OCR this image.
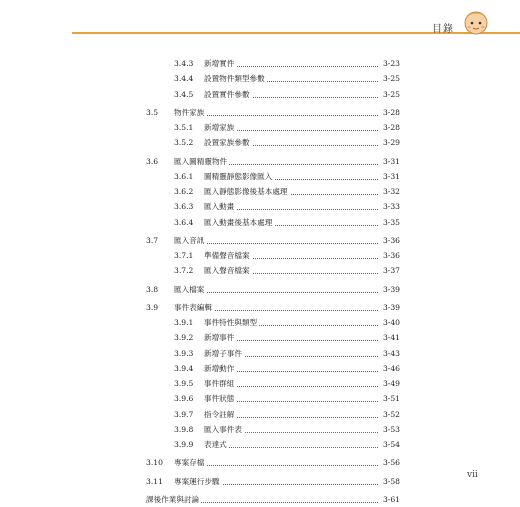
目錄
3.4.3 新增實件	3-23
3.4.4 設置物件類型參數	3-25
3.4.5 設置實件參數	3-25
3.5 物件家族	3-28
3.5.1 新增家族	3-28
3.5.2 設置家族參數	3-29
3.6 匯入圖精靈物件	3-31
3.6.1 圖精靈靜態影像匯入	3-31
3.6.2 匯入靜態影像後基本處理	3-32
3.6.3 匯入動畫	3-33
3.6.4 匯入動畫後基本處理	3-35
3.7 匯入音訊	3-36
3.7.1 準備聲音檔案	3-36
3.7.2 匯入聲音檔案	3-37
3.8 匯入檔案	3-39
3.9 事件表編輯	3-39
3.9.1 事件特性與類型	3-40
3.9.2 新增事件	3-41
3.9.3 新增子事件	3-43
3.9.4 新增動作	3-46
3.9.5 事件群組	3-49
3.9.6 事件狀態	3-51
3.9.7 指令註解	3-52
3.9.8 匯入事件表	3-53
3.9.9 表達式	3-54
3.10 專案存檔	3-56
3.11 專案運行步驟	3-58
課後作業與討論	3-61
vii
